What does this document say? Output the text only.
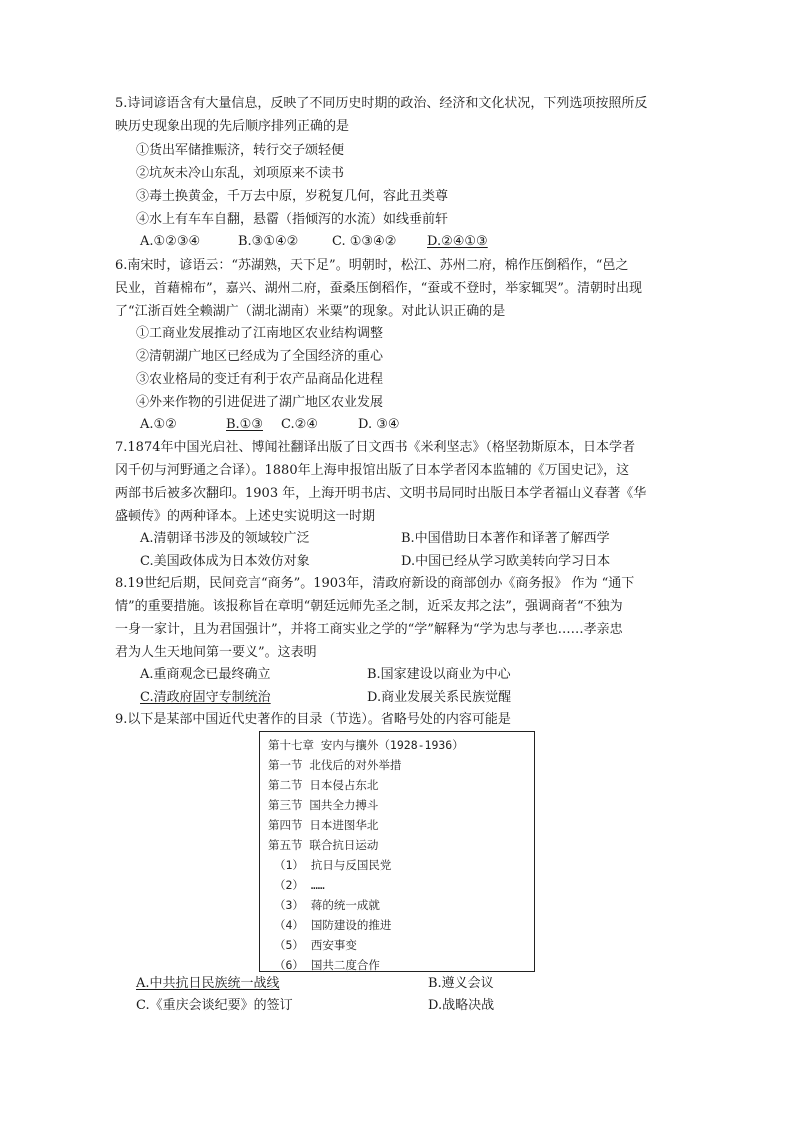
5.诗词谚语含有大量信息，反映了不同历史时期的政治、经济和文化状况，下列选项按照所反
映历史现象出现的先后顺序排列正确的是
①货出军储推赈济，转行交子颂轻便
②坑灰未冷山东乱，刘项原来不读书
③毒土换黄金，千万去中原，岁税复几何，容此丑类尊
④水上有车车自翻，悬霤（指倾泻的水流）如线垂前轩
A.①②③④	B.③①④②	C. ①③④② D.②④①③
6.南宋时，谚语云：“苏湖熟，天下足”。明朝时，松江、苏州二府，棉作压倒稻作，“邑之
民业，首藉棉布”，嘉兴、湖州二府，蚕桑压倒稻作，“蚕或不登时，举家辄哭”。清朝时出现
了“江浙百姓全赖湖广（湖北湖南）米粟”的现象。对此认识正确的是
①工商业发展推动了江南地区农业结构调整
②清朝湖广地区已经成为了全国经济的重心
③农业格局的变迁有利于农产品商品化进程
④外来作物的引进促进了湖广地区农业发展
A.①②	B.①③ C.②④	D. ③④
7.1874年中国光启社、博闻社翻译出版了日文西书《米利坚志》（格坚勃斯原本，日本学者
冈千仞与河野通之合译）。1880年上海申报馆出版了日本学者冈本监辅的《万国史记》，这
两部书后被多次翻印。1903 年，上海开明书店、文明书局同时出版日本学者福山义春著《华
盛顿传》的两种译本。上述史实说明这一时期
A.清朝译书涉及的领域较广泛	B.中国借助日本著作和译著了解西学
C.美国政体成为日本效仿对象	D.中国已经从学习欧美转向学习日本
8.19世纪后期，民间竞言“商务”。1903年，清政府新设的商部创办《商务报》 作为 “通下
情”的重要措施。该报称旨在章明“朝廷远师先圣之制，近采友邦之法”，强调商者“不独为
一身一家计，且为君国强计”，并将工商实业之学的“学”解释为“学为忠与孝也……孝亲忠
君为人生天地间第一要义”。这表明
A.重商观念已最终确立	B.国家建设以商业为中心
C.清政府固守专制统治	D.商业发展关系民族觉醒
9.以下是某部中国近代史著作的目录（节选）。省略号处的内容可能是
第十七章 安内与攘外（1928-1936）
第一节 北伐后的对外举措
第二节 日本侵占东北
第三节 国共全力搏斗
第四节 日本进图华北
第五节 联合抗日运动
（1） 抗日与反国民党
（2） ……
（3） 蒋的统一成就
（4） 国防建设的推进
（5） 西安事变
（6） 国共二度合作
A.中共抗日民族统一战线	B.遵义会议
C.《重庆会谈纪要》的签订	D.战略决战
